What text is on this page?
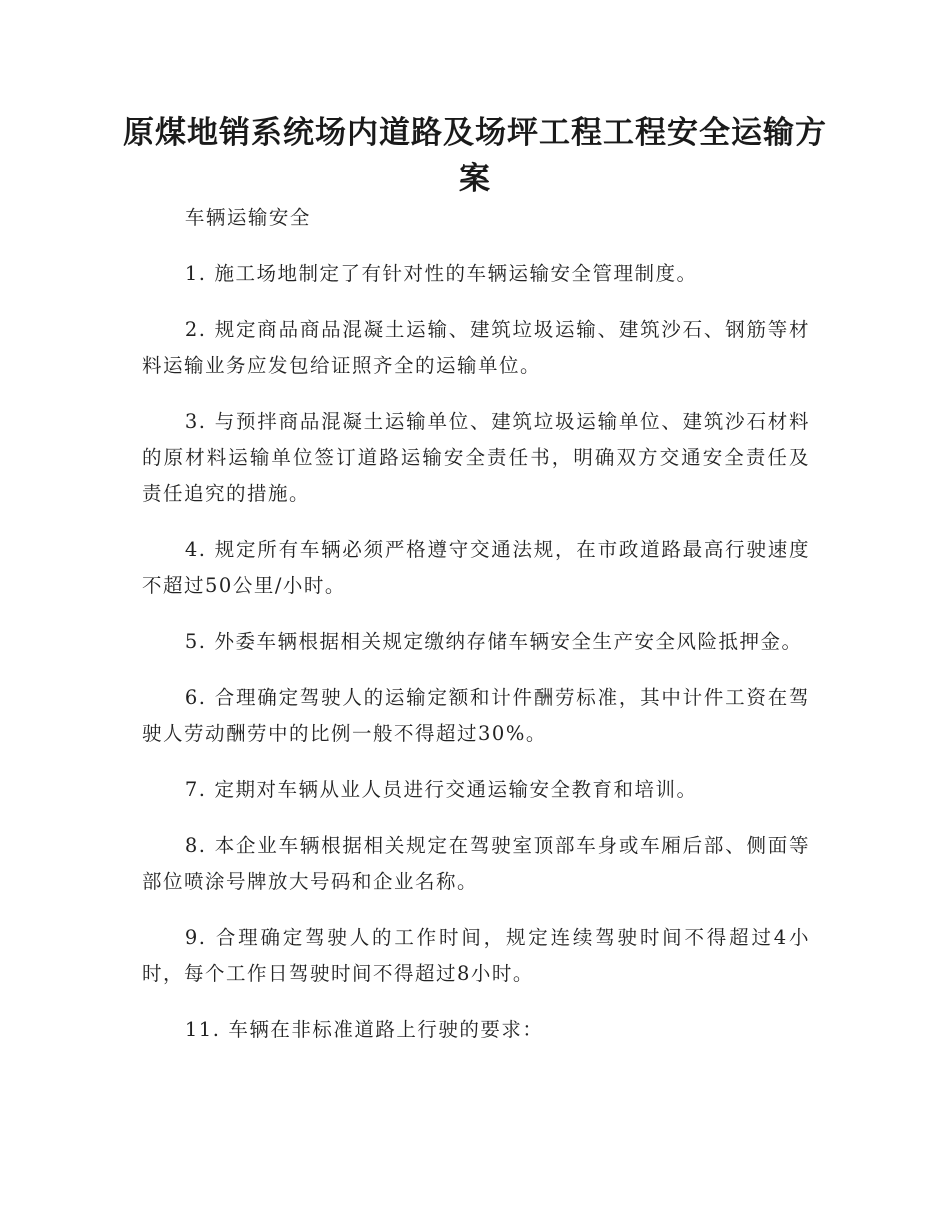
原煤地销系统场内道路及场坪工程工程安全运输方案

车辆运输安全

1. 施工场地制定了有针对性的车辆运输安全管理制度。

2. 规定商品商品混凝土运输、建筑垃圾运输、建筑沙石、钢筋等材料运输业务应发包给证照齐全的运输单位。

3. 与预拌商品混凝土运输单位、建筑垃圾运输单位、建筑沙石材料的原材料运输单位签订道路运输安全责任书，明确双方交通安全责任及责任追究的措施。

4. 规定所有车辆必须严格遵守交通法规，在市政道路最高行驶速度不超过50公里/小时。

5. 外委车辆根据相关规定缴纳存储车辆安全生产安全风险抵押金。

6. 合理确定驾驶人的运输定额和计件酬劳标准，其中计件工资在驾驶人劳动酬劳中的比例一般不得超过30%。

7. 定期对车辆从业人员进行交通运输安全教育和培训。

8. 本企业车辆根据相关规定在驾驶室顶部车身或车厢后部、侧面等部位喷涂号牌放大号码和企业名称。

9. 合理确定驾驶人的工作时间，规定连续驾驶时间不得超过4小时，每个工作日驾驶时间不得超过8小时。

11. 车辆在非标准道路上行驶的要求：
